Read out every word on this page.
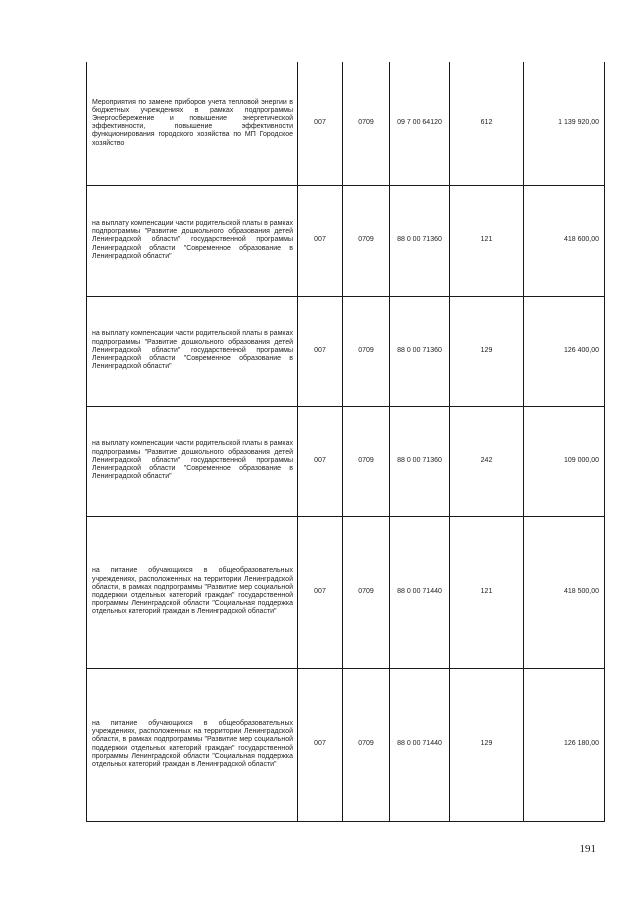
Мероприятия по замене приборов учета тепловой энергии в бюджетных учреждениях в рамках подпрограммы Энергосбережение и повышение энергетической эффективности, повышение эффективности функционирования городского хозяйства по МП Городское хозяйство	007	0709	09 7 00 64120	612	1 139 920,00
на выплату компенсации части родительской платы в рамках подпрограммы "Развитие дошкольного образования детей Ленинградской области" государственной программы Ленинградской области "Современное образование в Ленинградской области"	007	0709	88 0 00 71360	121	418 600,00
на выплату компенсации части родительской платы в рамках подпрограммы "Развитие дошкольного образования детей Ленинградской области" государственной программы Ленинградской области "Современное образование в Ленинградской области"	007	0709	88 0 00 71360	129	126 400,00
на выплату компенсации части родительской платы в рамках подпрограммы "Развитие дошкольного образования детей Ленинградской области" государственной программы Ленинградской области "Современное образование в Ленинградской области"	007	0709	88 0 00 71360	242	109 000,00
на питание обучающихся в общеобразовательных учреждениях, расположенных на территории Ленинградской области, в рамках подпрограммы "Развитие мер социальной поддержки отдельных категорий граждан" государственной программы Ленинградской области "Социальная поддержка отдельных категорий граждан в Ленинградской области"	007	0709	88 0 00 71440	121	418 500,00
на питание обучающихся в общеобразовательных учреждениях, расположенных на территории Ленинградской области, в рамках подпрограммы "Развитие мер социальной поддержки отдельных категорий граждан" государственной программы Ленинградской области "Социальная поддержка отдельных категорий граждан в Ленинградской области"	007	0709	88 0 00 71440	129	126 180,00
191
